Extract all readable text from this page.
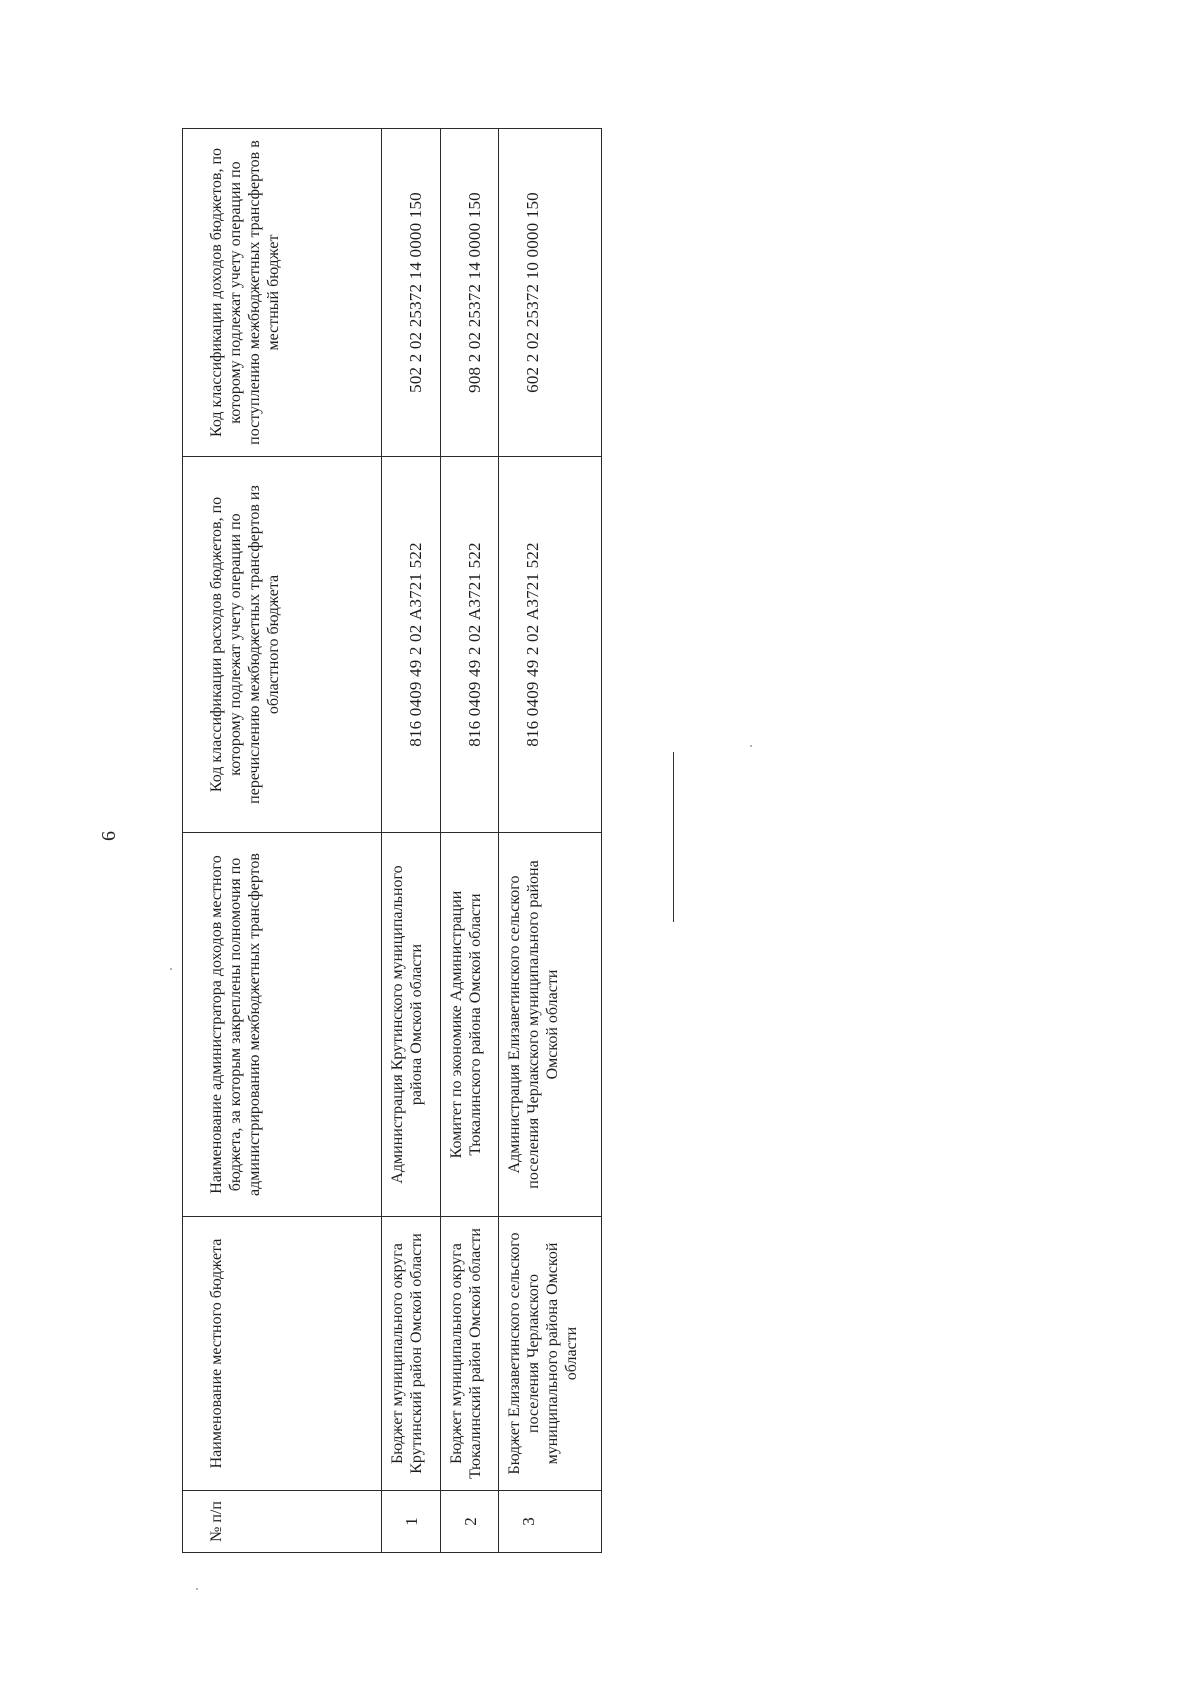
6
№ п/п	Наименование местного бюджета	Наименование администратора доходов местного бюджета, за которым закреплены полномочия по администрированию межбюджетных трансфертов	Код классификации расходов бюджетов, по которому подлежат учету операции по перечислению межбюджетных трансфертов из областного бюджета	Код классификации доходов бюджетов, по которому подлежат учету операции по поступлению межбюджетных трансфертов в местный бюджет
1	Бюджет муниципального округа Крутинский район Омской области	Администрация Крутинского муниципального района Омской области	816 0409 49 2 02 А3721 522	502 2 02 25372 14 0000 150
2	Бюджет муниципального округа Тюкалинский район Омской области	Комитет по экономике Администрации Тюкалинского района Омской области	816 0409 49 2 02 А3721 522	908 2 02 25372 14 0000 150
3	Бюджет Елизаветинского сельского поселения Черлакского муниципального района Омской области	Администрация Елизаветинского сельского поселения Черлакского муниципального района Омской области	816 0409 49 2 02 А3721 522	602 2 02 25372 10 0000 150
